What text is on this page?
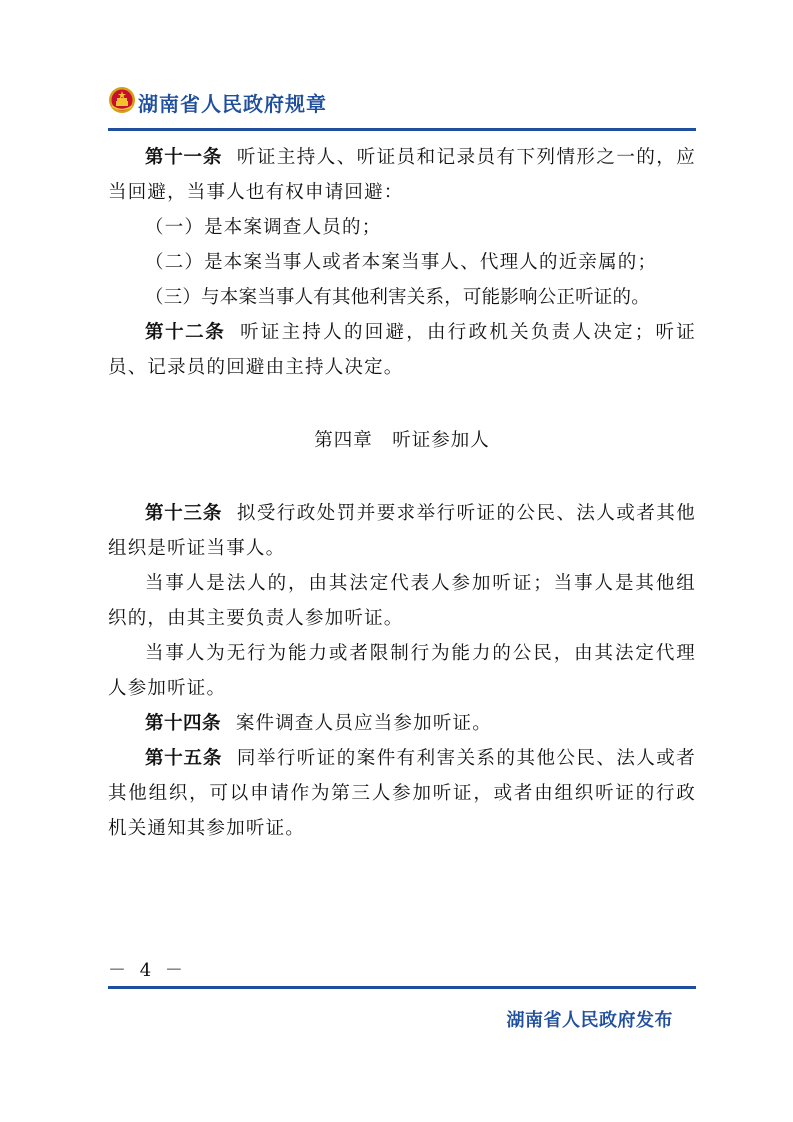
湖南省人民政府规章

第十一条 听证主持人、听证员和记录员有下列情形之一的，应当回避，当事人也有权申请回避：

（一）是本案调查人员的；

（二）是本案当事人或者本案当事人、代理人的近亲属的；

（三）与本案当事人有其他利害关系，可能影响公正听证的。

第十二条 听证主持人的回避，由行政机关负责人决定；听证员、记录员的回避由主持人决定。

第四章　听证参加人

第十三条 拟受行政处罚并要求举行听证的公民、法人或者其他组织是听证当事人。

当事人是法人的，由其法定代表人参加听证；当事人是其他组织的，由其主要负责人参加听证。

当事人为无行为能力或者限制行为能力的公民，由其法定代理人参加听证。

第十四条 案件调查人员应当参加听证。

第十五条 同举行听证的案件有利害关系的其他公民、法人或者其他组织，可以申请作为第三人参加听证，或者由组织听证的行政机关通知其参加听证。

－ 4 －
湖南省人民政府发布
